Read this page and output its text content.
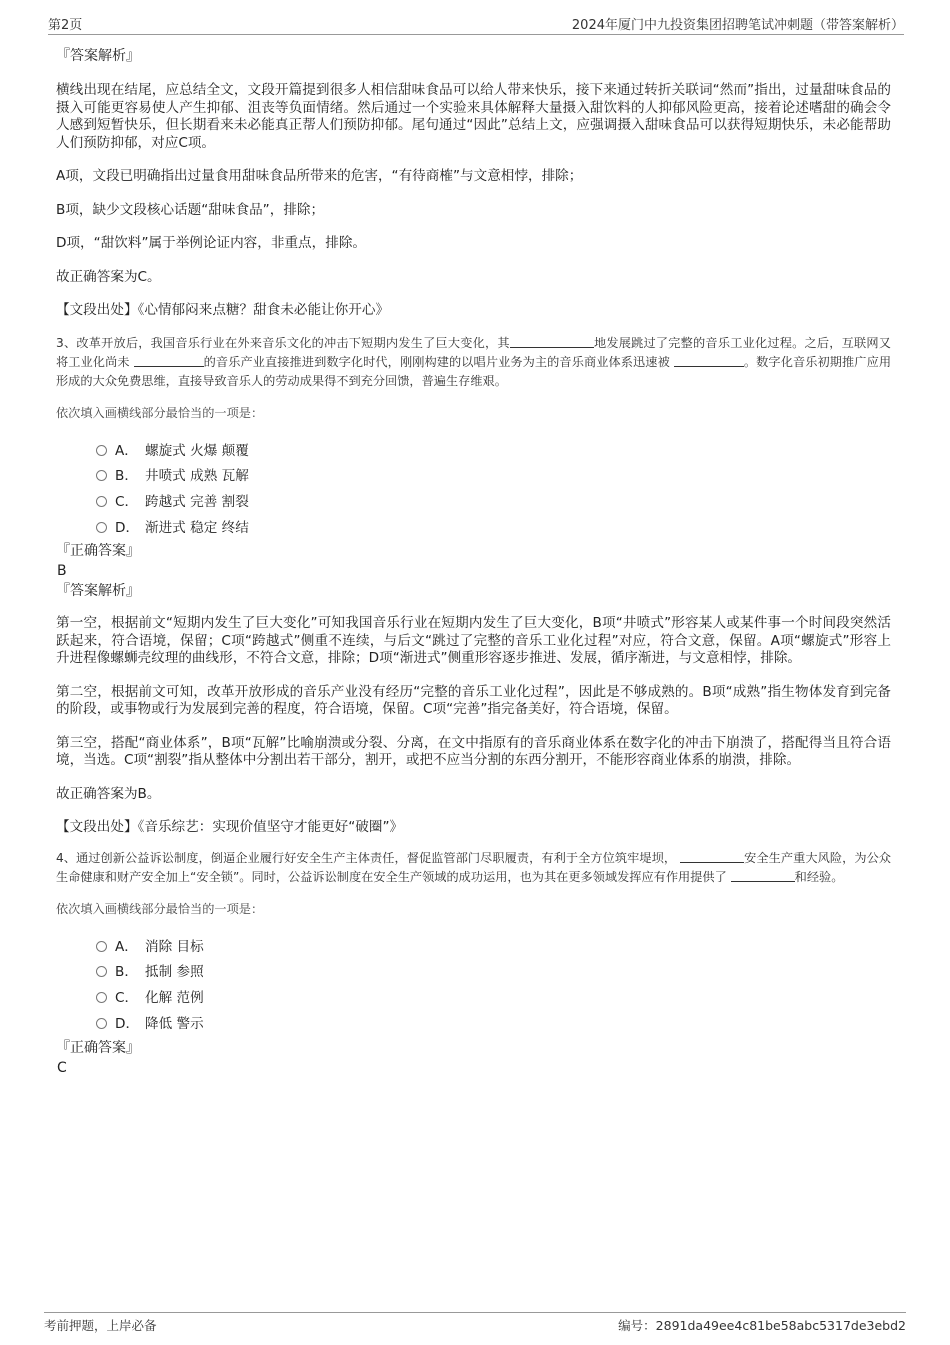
第2页	2024年厦门中九投资集团招聘笔试冲刺题（带答案解析）

『答案解析』

横线出现在结尾，应总结全文，文段开篇提到很多人相信甜味食品可以给人带来快乐，接下来通过转折关联词“然而”指出，过量甜味食品的摄入可能更容易使人产生抑郁、沮丧等负面情绪。然后通过一个实验来具体解释大量摄入甜饮料的人抑郁风险更高，接着论述嗜甜的确会令人感到短暂快乐，但长期看来未必能真正帮人们预防抑郁。尾句通过“因此”总结上文，应强调摄入甜味食品可以获得短期快乐，未必能帮助人们预防抑郁，对应C项。

A项，文段已明确指出过量食用甜味食品所带来的危害，“有待商榷”与文意相悖，排除；

B项，缺少文段核心话题“甜味食品”，排除；

D项，“甜饮料”属于举例论证内容，非重点，排除。

故正确答案为C。

【文段出处】《心情郁闷来点糖？甜食未必能让你开心》

3、改革开放后，我国音乐行业在外来音乐文化的冲击下短期内发生了巨大变化，其	地发展跳过了完整的音乐工业化过程。之后，互联网又将工业化尚未	的音乐产业直接推进到数字化时代，刚刚构建的以唱片业务为主的音乐商业体系迅速被	。数字化音乐初期推广应用形成的大众免费思维，直接导致音乐人的劳动成果得不到充分回馈，普遍生存维艰。

依次填入画横线部分最恰当的一项是：

A． 螺旋式 火爆 颠覆
B． 井喷式 成熟 瓦解
C． 跨越式 完善 割裂
D． 渐进式 稳定 终结

『正确答案』

B

『答案解析』

第一空，根据前文“短期内发生了巨大变化”可知我国音乐行业在短期内发生了巨大变化，B项“井喷式”形容某人或某件事一个时间段突然活跃起来，符合语境，保留；C项“跨越式”侧重不连续，与后文“跳过了完整的音乐工业化过程”对应，符合文意，保留。A项“螺旋式”形容上升进程像螺蛳壳纹理的曲线形，不符合文意，排除；D项“渐进式”侧重形容逐步推进、发展，循序渐进，与文意相悖，排除。

第二空，根据前文可知，改革开放形成的音乐产业没有经历“完整的音乐工业化过程”，因此是不够成熟的。B项“成熟”指生物体发育到完备的阶段，或事物或行为发展到完善的程度，符合语境，保留。C项“完善”指完备美好，符合语境，保留。

第三空，搭配“商业体系”，B项“瓦解”比喻崩溃或分裂、分离，在文中指原有的音乐商业体系在数字化的冲击下崩溃了，搭配得当且符合语境，当选。C项“割裂”指从整体中分割出若干部分，割开，或把不应当分割的东西分割开，不能形容商业体系的崩溃，排除。

故正确答案为B。

【文段出处】《音乐综艺：实现价值坚守才能更好“破圈”》

4、通过创新公益诉讼制度，倒逼企业履行好安全生产主体责任，督促监管部门尽职履责，有利于全方位筑牢堤坝，	安全生产重大风险，为公众生命健康和财产安全加上“安全锁”。同时，公益诉讼制度在安全生产领域的成功运用，也为其在更多领域发挥应有作用提供了	和经验。

依次填入画横线部分最恰当的一项是：

A． 消除 目标
B． 抵制 参照
C． 化解 范例
D． 降低 警示

『正确答案』

C

考前押题，上岸必备	编号：2891da49ee4c81be58abc5317de3ebd2
